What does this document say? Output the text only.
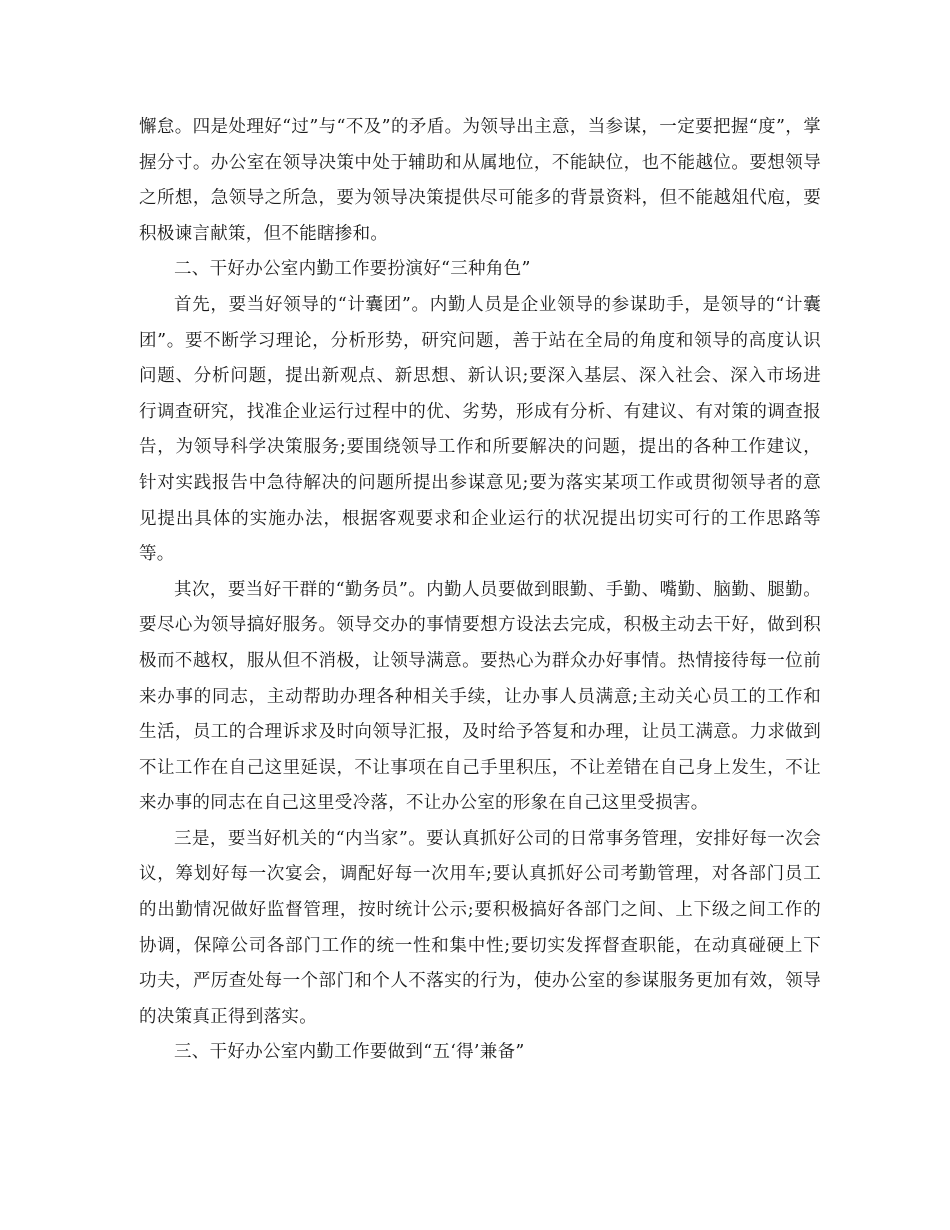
懈怠。四是处理好“过”与“不及”的矛盾。为领导出主意，当参谋，一定要把握“度”，掌握分寸。办公室在领导决策中处于辅助和从属地位，不能缺位，也不能越位。要想领导之所想，急领导之所急，要为领导决策提供尽可能多的背景资料，但不能越俎代庖，要积极谏言献策，但不能瞎掺和。

二、干好办公室内勤工作要扮演好“三种角色”

首先，要当好领导的“计囊团”。内勤人员是企业领导的参谋助手，是领导的“计囊团”。要不断学习理论，分析形势，研究问题，善于站在全局的角度和领导的高度认识问题、分析问题，提出新观点、新思想、新认识;要深入基层、深入社会、深入市场进行调查研究，找准企业运行过程中的优、劣势，形成有分析、有建议、有对策的调查报告，为领导科学决策服务;要围绕领导工作和所要解决的问题，提出的各种工作建议，针对实践报告中急待解决的问题所提出参谋意见;要为落实某项工作或贯彻领导者的意见提出具体的实施办法，根据客观要求和企业运行的状况提出切实可行的工作思路等等。

其次，要当好干群的“勤务员”。内勤人员要做到眼勤、手勤、嘴勤、脑勤、腿勤。要尽心为领导搞好服务。领导交办的事情要想方设法去完成，积极主动去干好，做到积极而不越权，服从但不消极，让领导满意。要热心为群众办好事情。热情接待每一位前来办事的同志，主动帮助办理各种相关手续，让办事人员满意;主动关心员工的工作和生活，员工的合理诉求及时向领导汇报，及时给予答复和办理，让员工满意。力求做到不让工作在自己这里延误，不让事项在自己手里积压，不让差错在自己身上发生，不让来办事的同志在自己这里受冷落，不让办公室的形象在自己这里受损害。

三是，要当好机关的“内当家”。要认真抓好公司的日常事务管理，安排好每一次会议，筹划好每一次宴会，调配好每一次用车;要认真抓好公司考勤管理，对各部门员工的出勤情况做好监督管理，按时统计公示;要积极搞好各部门之间、上下级之间工作的协调，保障公司各部门工作的统一性和集中性;要切实发挥督查职能，在动真碰硬上下功夫，严厉查处每一个部门和个人不落实的行为，使办公室的参谋服务更加有效，领导的决策真正得到落实。

三、干好办公室内勤工作要做到“五‘得’兼备”
